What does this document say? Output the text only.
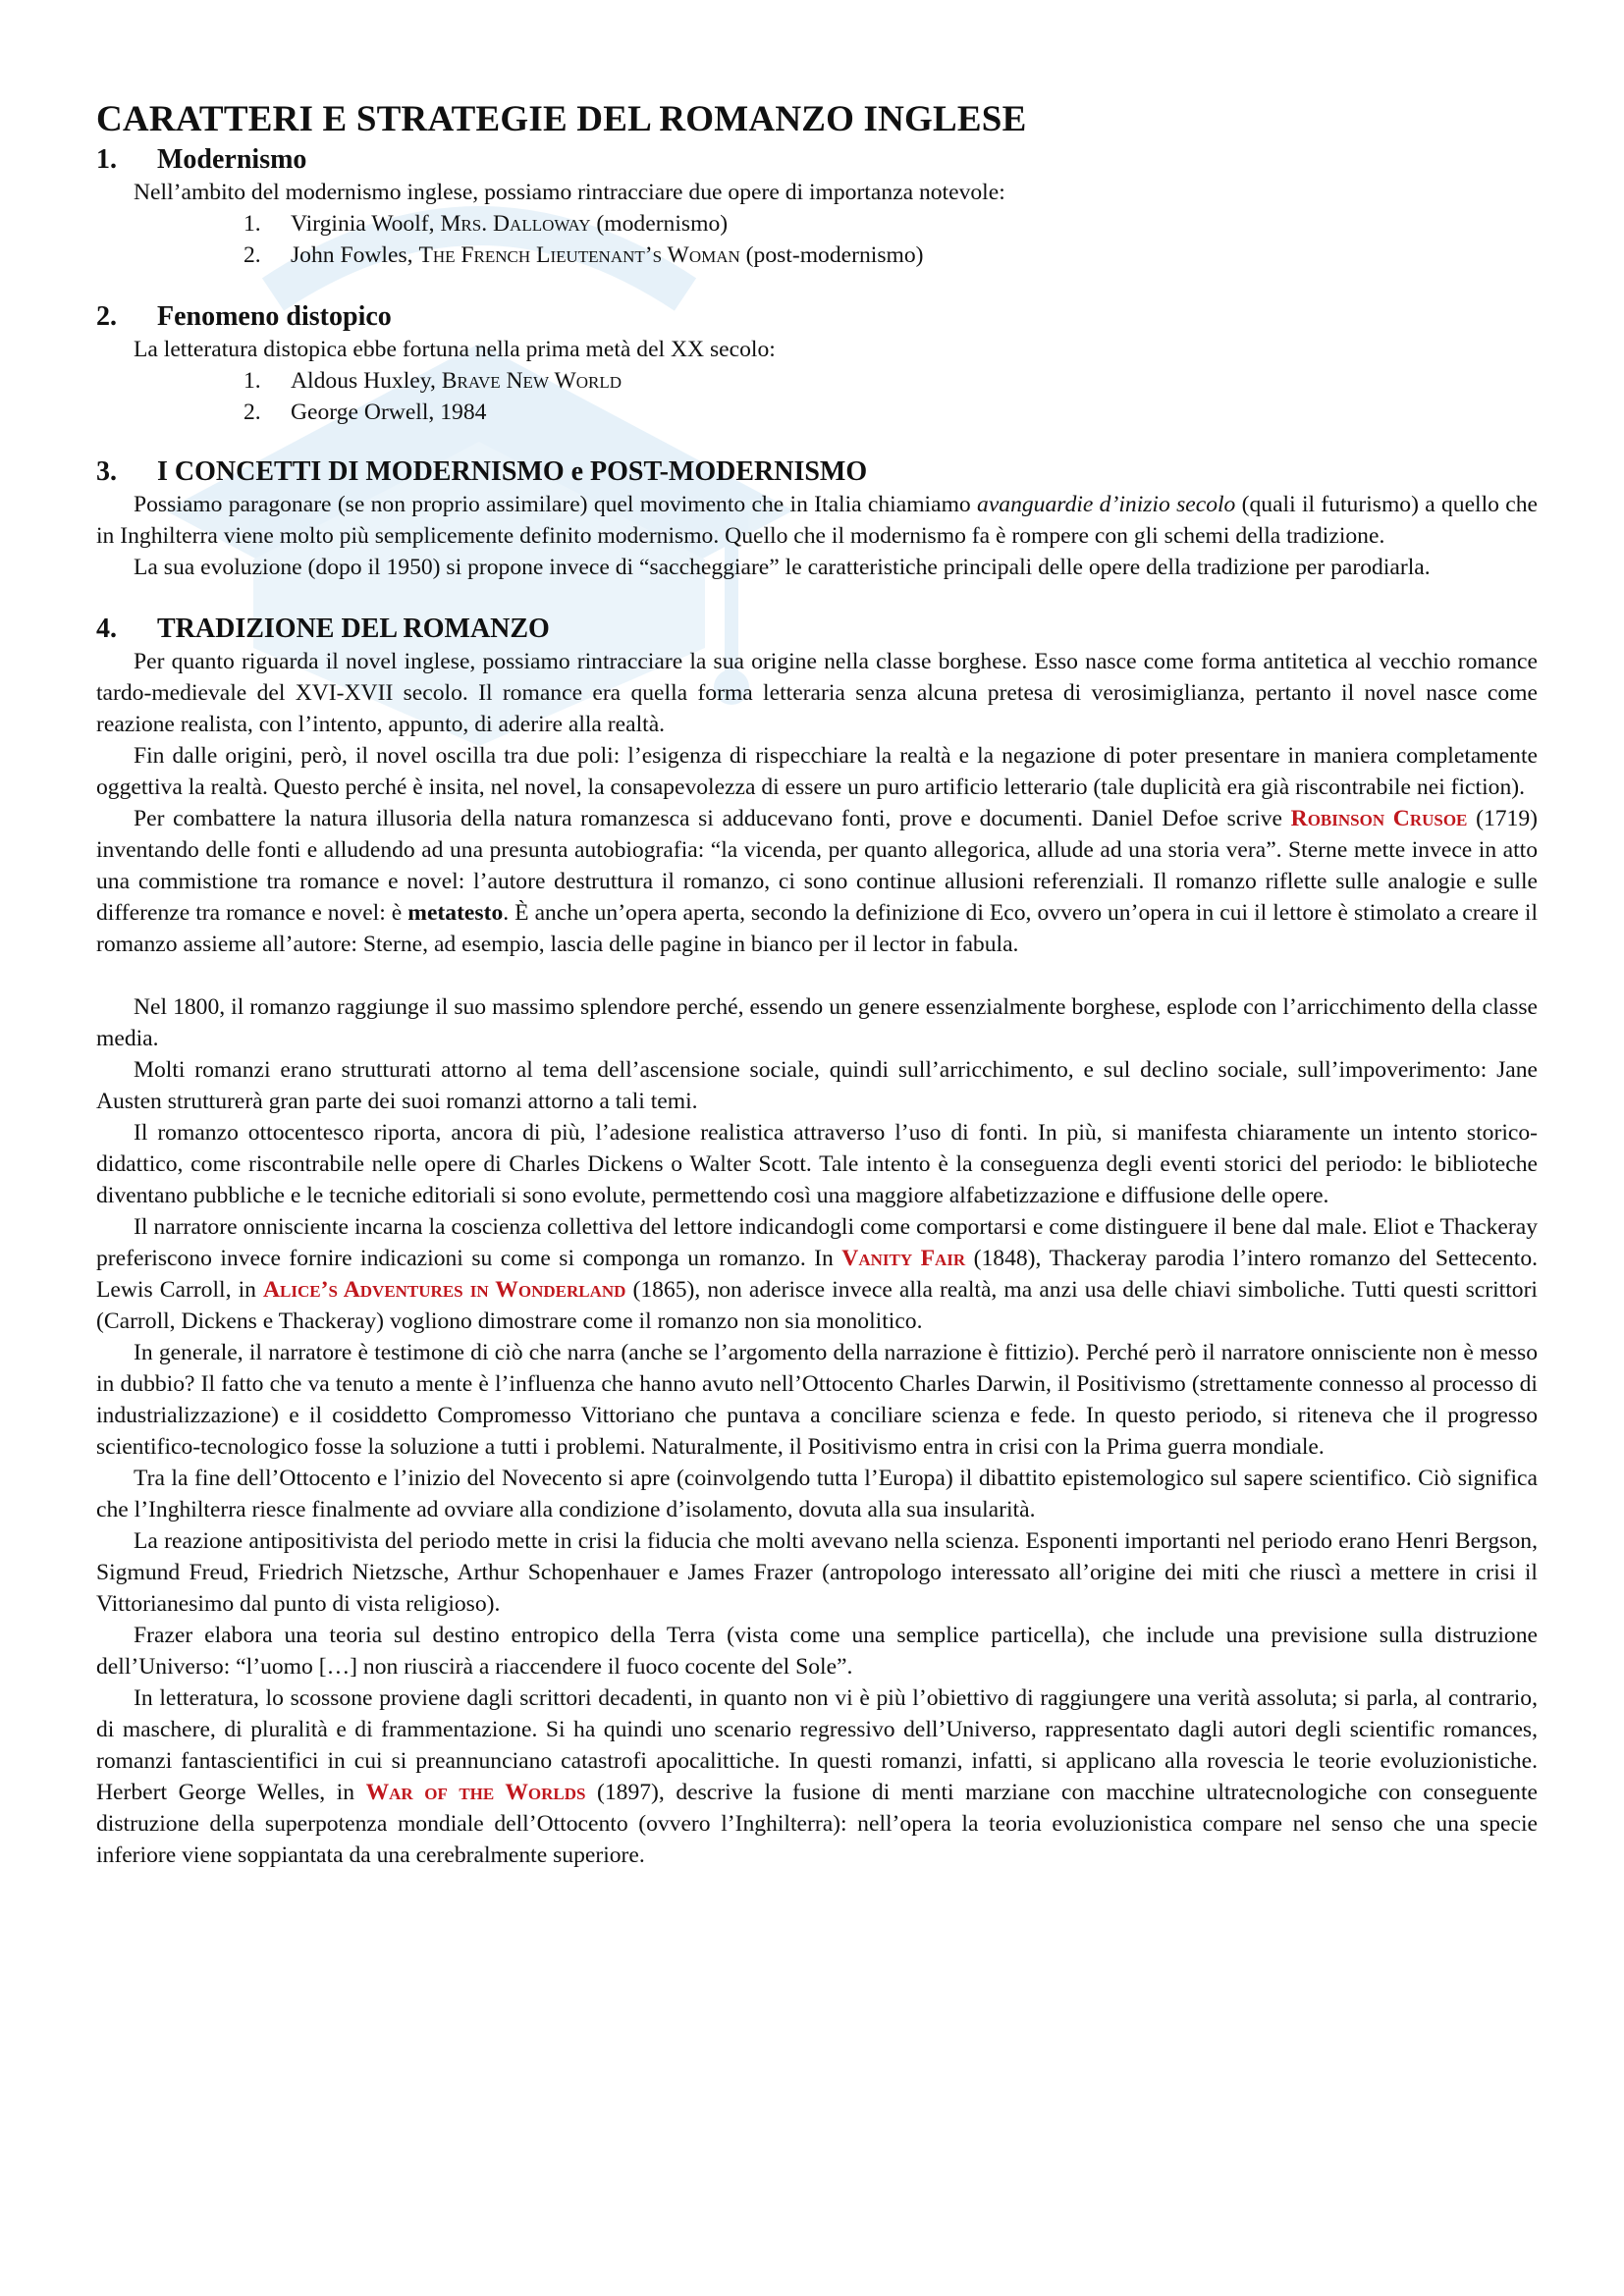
CARATTERI E STRATEGIE DEL ROMANZO INGLESE
1.	Modernismo

Nell’ambito del modernismo inglese, possiamo rintracciare due opere di importanza notevole:

1.	Virginia Woolf, Mrs. Dalloway (modernismo)
2.	John Fowles, The French Lieutenant’s Woman (post-modernismo)
2.	Fenomeno distopico

La letteratura distopica ebbe fortuna nella prima metà del XX secolo:

1.	Aldous Huxley, Brave New World
2.	George Orwell, 1984
3.	I CONCETTI DI MODERNISMO e POST-MODERNISMO

Possiamo paragonare (se non proprio assimilare) quel movimento che in Italia chiamiamo avanguardie d’inizio secolo (quali il futurismo) a quello che in Inghilterra viene molto più semplicemente definito modernismo. Quello che il modernismo fa è rompere con gli schemi della tradizione.

La sua evoluzione (dopo il 1950) si propone invece di “saccheggiare” le caratteristiche principali delle opere della tradizione per parodiarla.

4.	TRADIZIONE DEL ROMANZO

Per quanto riguarda il novel inglese, possiamo rintracciare la sua origine nella classe borghese. Esso nasce come forma antitetica al vecchio romance tardo-medievale del XVI-XVII secolo. Il romance era quella forma letteraria senza alcuna pretesa di verosimiglianza, pertanto il novel nasce come reazione realista, con l’intento, appunto, di aderire alla realtà.

Fin dalle origini, però, il novel oscilla tra due poli: l’esigenza di rispecchiare la realtà e la negazione di poter presentare in maniera completamente oggettiva la realtà. Questo perché è insita, nel novel, la consapevolezza di essere un puro artificio letterario (tale duplicità era già riscontrabile nei fiction).

Per combattere la natura illusoria della natura romanzesca si adducevano fonti, prove e documenti. Daniel Defoe scrive Robinson Crusoe (1719) inventando delle fonti e alludendo ad una presunta autobiografia: “la vicenda, per quanto allegorica, allude ad una storia vera”. Sterne mette invece in atto una commistione tra romance e novel: l’autore destruttura il romanzo, ci sono continue allusioni referenziali. Il romanzo riflette sulle analogie e sulle differenze tra romance e novel: è metatesto. È anche un’opera aperta, secondo la definizione di Eco, ovvero un’opera in cui il lettore è stimolato a creare il romanzo assieme all’autore: Sterne, ad esempio, lascia delle pagine in bianco per il lector in fabula.

Nel 1800, il romanzo raggiunge il suo massimo splendore perché, essendo un genere essenzialmente borghese, esplode con l’arricchimento della classe media.

Molti romanzi erano strutturati attorno al tema dell’ascensione sociale, quindi sull’arricchimento, e sul declino sociale, sull’impoverimento: Jane Austen strutturerà gran parte dei suoi romanzi attorno a tali temi.

Il romanzo ottocentesco riporta, ancora di più, l’adesione realistica attraverso l’uso di fonti. In più, si manifesta chiaramente un intento storico-didattico, come riscontrabile nelle opere di Charles Dickens o Walter Scott. Tale intento è la conseguenza degli eventi storici del periodo: le biblioteche diventano pubbliche e le tecniche editoriali si sono evolute, permettendo così una maggiore alfabetizzazione e diffusione delle opere.

Il narratore onnisciente incarna la coscienza collettiva del lettore indicandogli come comportarsi e come distinguere il bene dal male. Eliot e Thackeray preferiscono invece fornire indicazioni su come si componga un romanzo. In Vanity Fair (1848), Thackeray parodia l’intero romanzo del Settecento. Lewis Carroll, in Alice’s Adventures in Wonderland (1865), non aderisce invece alla realtà, ma anzi usa delle chiavi simboliche. Tutti questi scrittori (Carroll, Dickens e Thackeray) vogliono dimostrare come il romanzo non sia monolitico.

In generale, il narratore è testimone di ciò che narra (anche se l’argomento della narrazione è fittizio). Perché però il narratore onnisciente non è messo in dubbio? Il fatto che va tenuto a mente è l’influenza che hanno avuto nell’Ottocento Charles Darwin, il Positivismo (strettamente connesso al processo di industrializzazione) e il cosiddetto Compromesso Vittoriano che puntava a conciliare scienza e fede. In questo periodo, si riteneva che il progresso scientifico-tecnologico fosse la soluzione a tutti i problemi. Naturalmente, il Positivismo entra in crisi con la Prima guerra mondiale.

Tra la fine dell’Ottocento e l’inizio del Novecento si apre (coinvolgendo tutta l’Europa) il dibattito epistemologico sul sapere scientifico. Ciò significa che l’Inghilterra riesce finalmente ad ovviare alla condizione d’isolamento, dovuta alla sua insularità.

La reazione antipositivista del periodo mette in crisi la fiducia che molti avevano nella scienza. Esponenti importanti nel periodo erano Henri Bergson, Sigmund Freud, Friedrich Nietzsche, Arthur Schopenhauer e James Frazer (antropologo interessato all’origine dei miti che riuscì a mettere in crisi il Vittorianesimo dal punto di vista religioso).

Frazer elabora una teoria sul destino entropico della Terra (vista come una semplice particella), che include una previsione sulla distruzione dell’Universo: “l’uomo […] non riuscirà a riaccendere il fuoco cocente del Sole”.

In letteratura, lo scossone proviene dagli scrittori decadenti, in quanto non vi è più l’obiettivo di raggiungere una verità assoluta; si parla, al contrario, di maschere, di pluralità e di frammentazione. Si ha quindi uno scenario regressivo dell’Universo, rappresentato dagli autori degli scientific romances, romanzi fantascientifici in cui si preannunciano catastrofi apocalittiche. In questi romanzi, infatti, si applicano alla rovescia le teorie evoluzionistiche. Herbert George Welles, in War of the Worlds (1897), descrive la fusione di menti marziane con macchine ultratecnologiche con conseguente distruzione della superpotenza mondiale dell’Ottocento (ovvero l’Inghilterra): nell’opera la teoria evoluzionistica compare nel senso che una specie inferiore viene soppiantata da una cerebralmente superiore.
